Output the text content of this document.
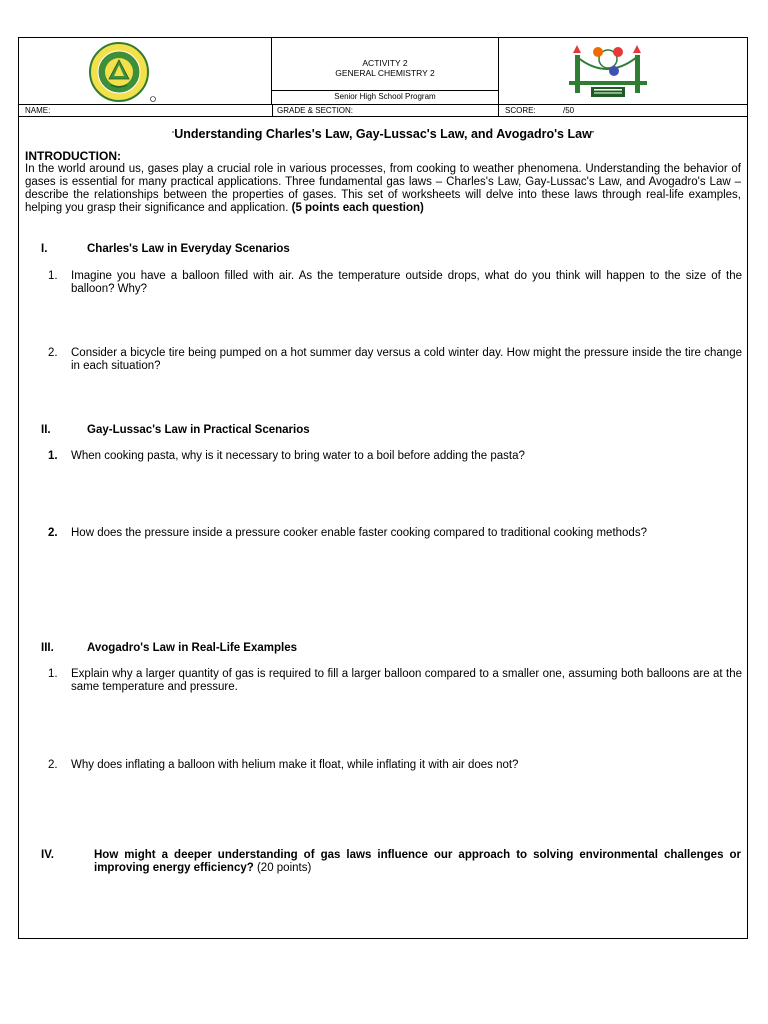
ACTIVITY 2
GENERAL CHEMISTRY 2
Senior High School Program
NAME:	GRADE & SECTION:	SCORE:	/50
“Understanding Charles's Law, Gay-Lussac's Law, and Avogadro's Law”
INTRODUCTION:

In the world around us, gases play a crucial role in various processes, from cooking to weather phenomena. Understanding the behavior of gases is essential for many practical applications. Three fundamental gas laws – Charles's Law, Gay-Lussac's Law, and Avogadro's Law – describe the relationships between the properties of gases. This set of worksheets will delve into these laws through real-life examples, helping you grasp their significance and application. (5 points each question)

I.	Charles's Law in Everyday Scenarios
1. Imagine you have a balloon filled with air. As the temperature outside drops, what do you think will happen to the size of the balloon? Why?
2. Consider a bicycle tire being pumped on a hot summer day versus a cold winter day. How might the pressure inside the tire change in each situation?
II.	Gay-Lussac's Law in Practical Scenarios
1. When cooking pasta, why is it necessary to bring water to a boil before adding the pasta?
2. How does the pressure inside a pressure cooker enable faster cooking compared to traditional cooking methods?
III.	Avogadro's Law in Real-Life Examples
1. Explain why a larger quantity of gas is required to fill a larger balloon compared to a smaller one, assuming both balloons are at the same temperature and pressure.
2. Why does inflating a balloon with helium make it float, while inflating it with air does not?
IV.	How might a deeper understanding of gas laws influence our approach to solving environmental challenges or improving energy efficiency? (20 points)
